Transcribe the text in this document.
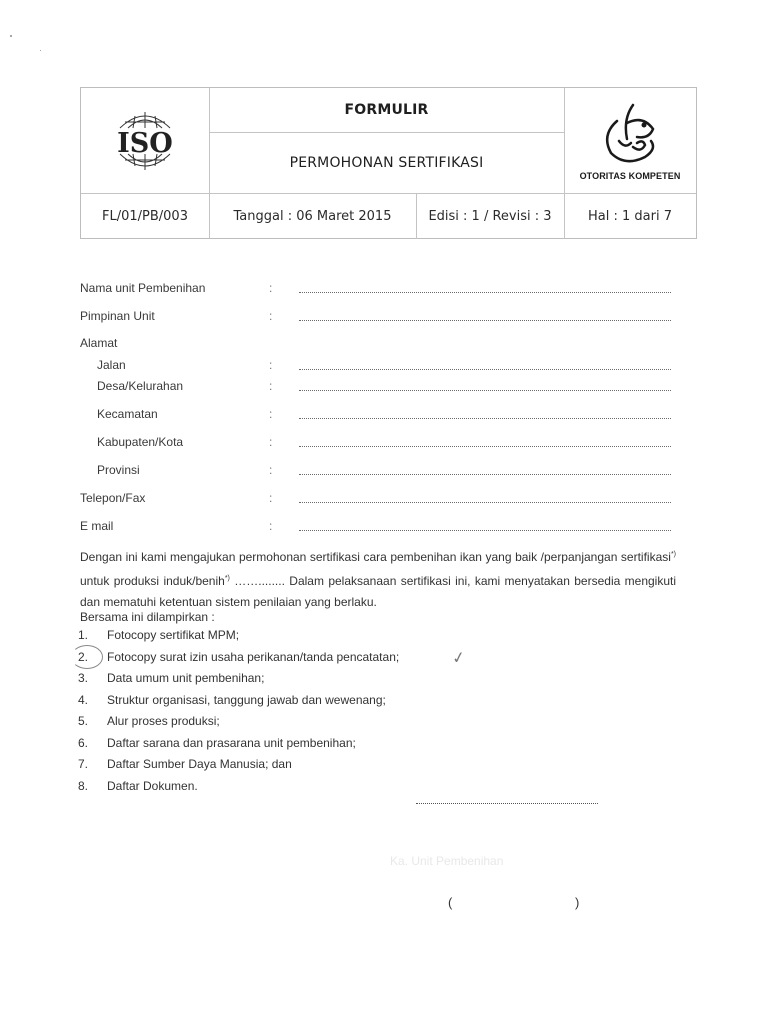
ISO
FORMULIR
PERMOHONAN SERTIFIKASI
OTORITAS KOMPETEN
FL/01/PB/003	Tanggal : 06 Maret 2015	Edisi : 1 / Revisi : 3	Hal : 1 dari 7
Nama unit Pembenihan	:
Pimpinan Unit	:
Alamat
Jalan	:
Desa/Kelurahan	:
Kecamatan	:
Kabupaten/Kota	:
Provinsi	:
Telepon/Fax	:
E mail	:
Dengan ini kami mengajukan permohonan sertifikasi cara pembenihan ikan yang baik /perpanjangan sertifikasi*) untuk produksi induk/benih*) ……........ Dalam pelaksanaan sertifikasi ini, kami menyatakan bersedia mengikuti dan mematuhi ketentuan sistem penilaian yang berlaku.
Bersama ini dilampirkan :
1.	Fotocopy sertifikat MPM;
2.	Fotocopy surat izin usaha perikanan/tanda pencatatan;	✓
3.	Data umum unit pembenihan;
4.	Struktur organisasi, tanggung jawab dan wewenang;
5.	Alur proses produksi;
6.	Daftar sarana dan prasarana unit pembenihan;
7.	Daftar Sumber Daya Manusia; dan
8.	Daftar Dokumen.
Ka. Unit Pembenihan
(	)
